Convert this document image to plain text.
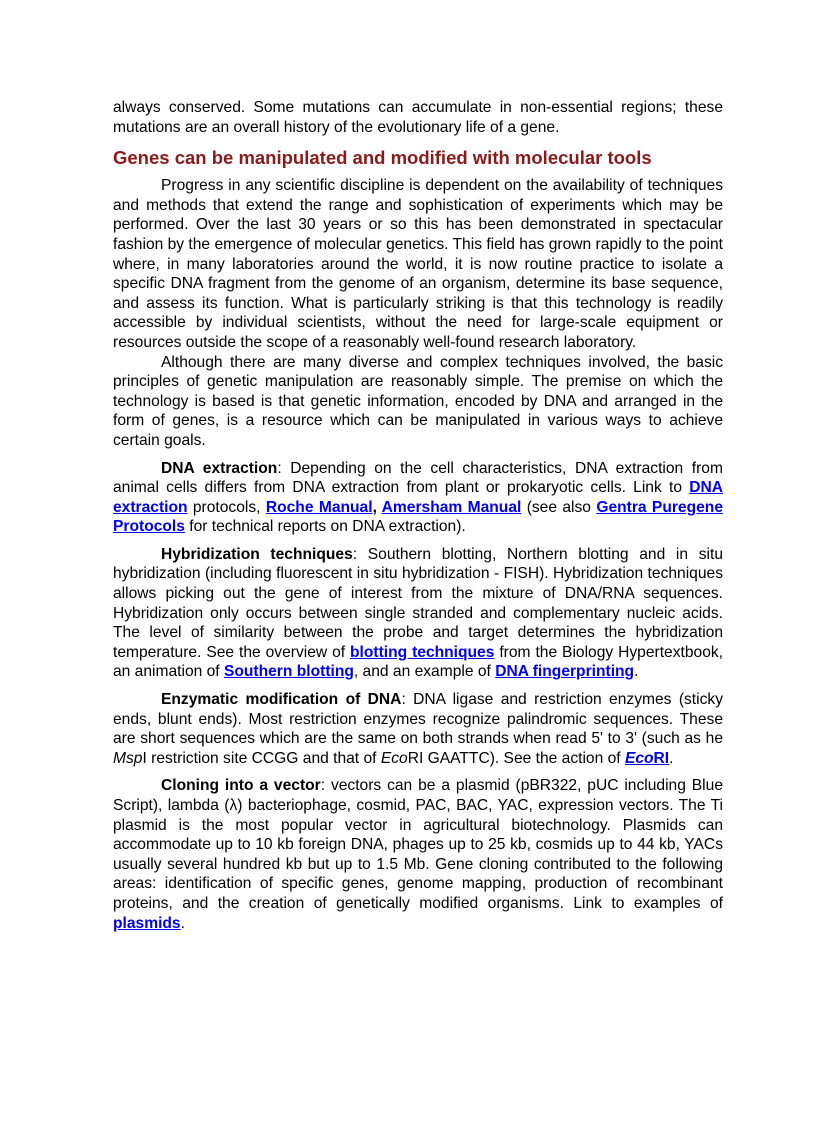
always conserved. Some mutations can accumulate in non-essential regions; these mutations are an overall history of the evolutionary life of a gene.

Genes can be manipulated and modified with molecular tools

Progress in any scientific discipline is dependent on the availability of techniques and methods that extend the range and sophistication of experiments which may be performed. Over the last 30 years or so this has been demonstrated in spectacular fashion by the emergence of molecular genetics. This field has grown rapidly to the point where, in many laboratories around the world, it is now routine practice to isolate a specific DNA fragment from the genome of an organism, determine its base sequence, and assess its function. What is particularly striking is that this technology is readily accessible by individual scientists, without the need for large-scale equipment or resources outside the scope of a reasonably well-found research laboratory.

Although there are many diverse and complex techniques involved, the basic principles of genetic manipulation are reasonably simple. The premise on which the technology is based is that genetic information, encoded by DNA and arranged in the form of genes, is a resource which can be manipulated in various ways to achieve certain goals.

DNA extraction: Depending on the cell characteristics, DNA extraction from animal cells differs from DNA extraction from plant or prokaryotic cells. Link to DNA extraction protocols, Roche Manual, Amersham Manual (see also Gentra Puregene Protocols for technical reports on DNA extraction).

Hybridization techniques: Southern blotting, Northern blotting and in situ hybridization (including fluorescent in situ hybridization - FISH). Hybridization techniques allows picking out the gene of interest from the mixture of DNA/RNA sequences. Hybridization only occurs between single stranded and complementary nucleic acids. The level of similarity between the probe and target determines the hybridization temperature. See the overview of blotting techniques from the Biology Hypertextbook, an animation of Southern blotting, and an example of DNA fingerprinting.

Enzymatic modification of DNA: DNA ligase and restriction enzymes (sticky ends, blunt ends). Most restriction enzymes recognize palindromic sequences. These are short sequences which are the same on both strands when read 5' to 3' (such as he MspI restriction site CCGG and that of EcoRI GAATTC). See the action of EcoRI.

Cloning into a vector: vectors can be a plasmid (pBR322, pUC including Blue Script), lambda (λ) bacteriophage, cosmid, PAC, BAC, YAC, expression vectors. The Ti plasmid is the most popular vector in agricultural biotechnology. Plasmids can accommodate up to 10 kb foreign DNA, phages up to 25 kb, cosmids up to 44 kb, YACs usually several hundred kb but up to 1.5 Mb. Gene cloning contributed to the following areas: identification of specific genes, genome mapping, production of recombinant proteins, and the creation of genetically modified organisms. Link to examples of plasmids.
